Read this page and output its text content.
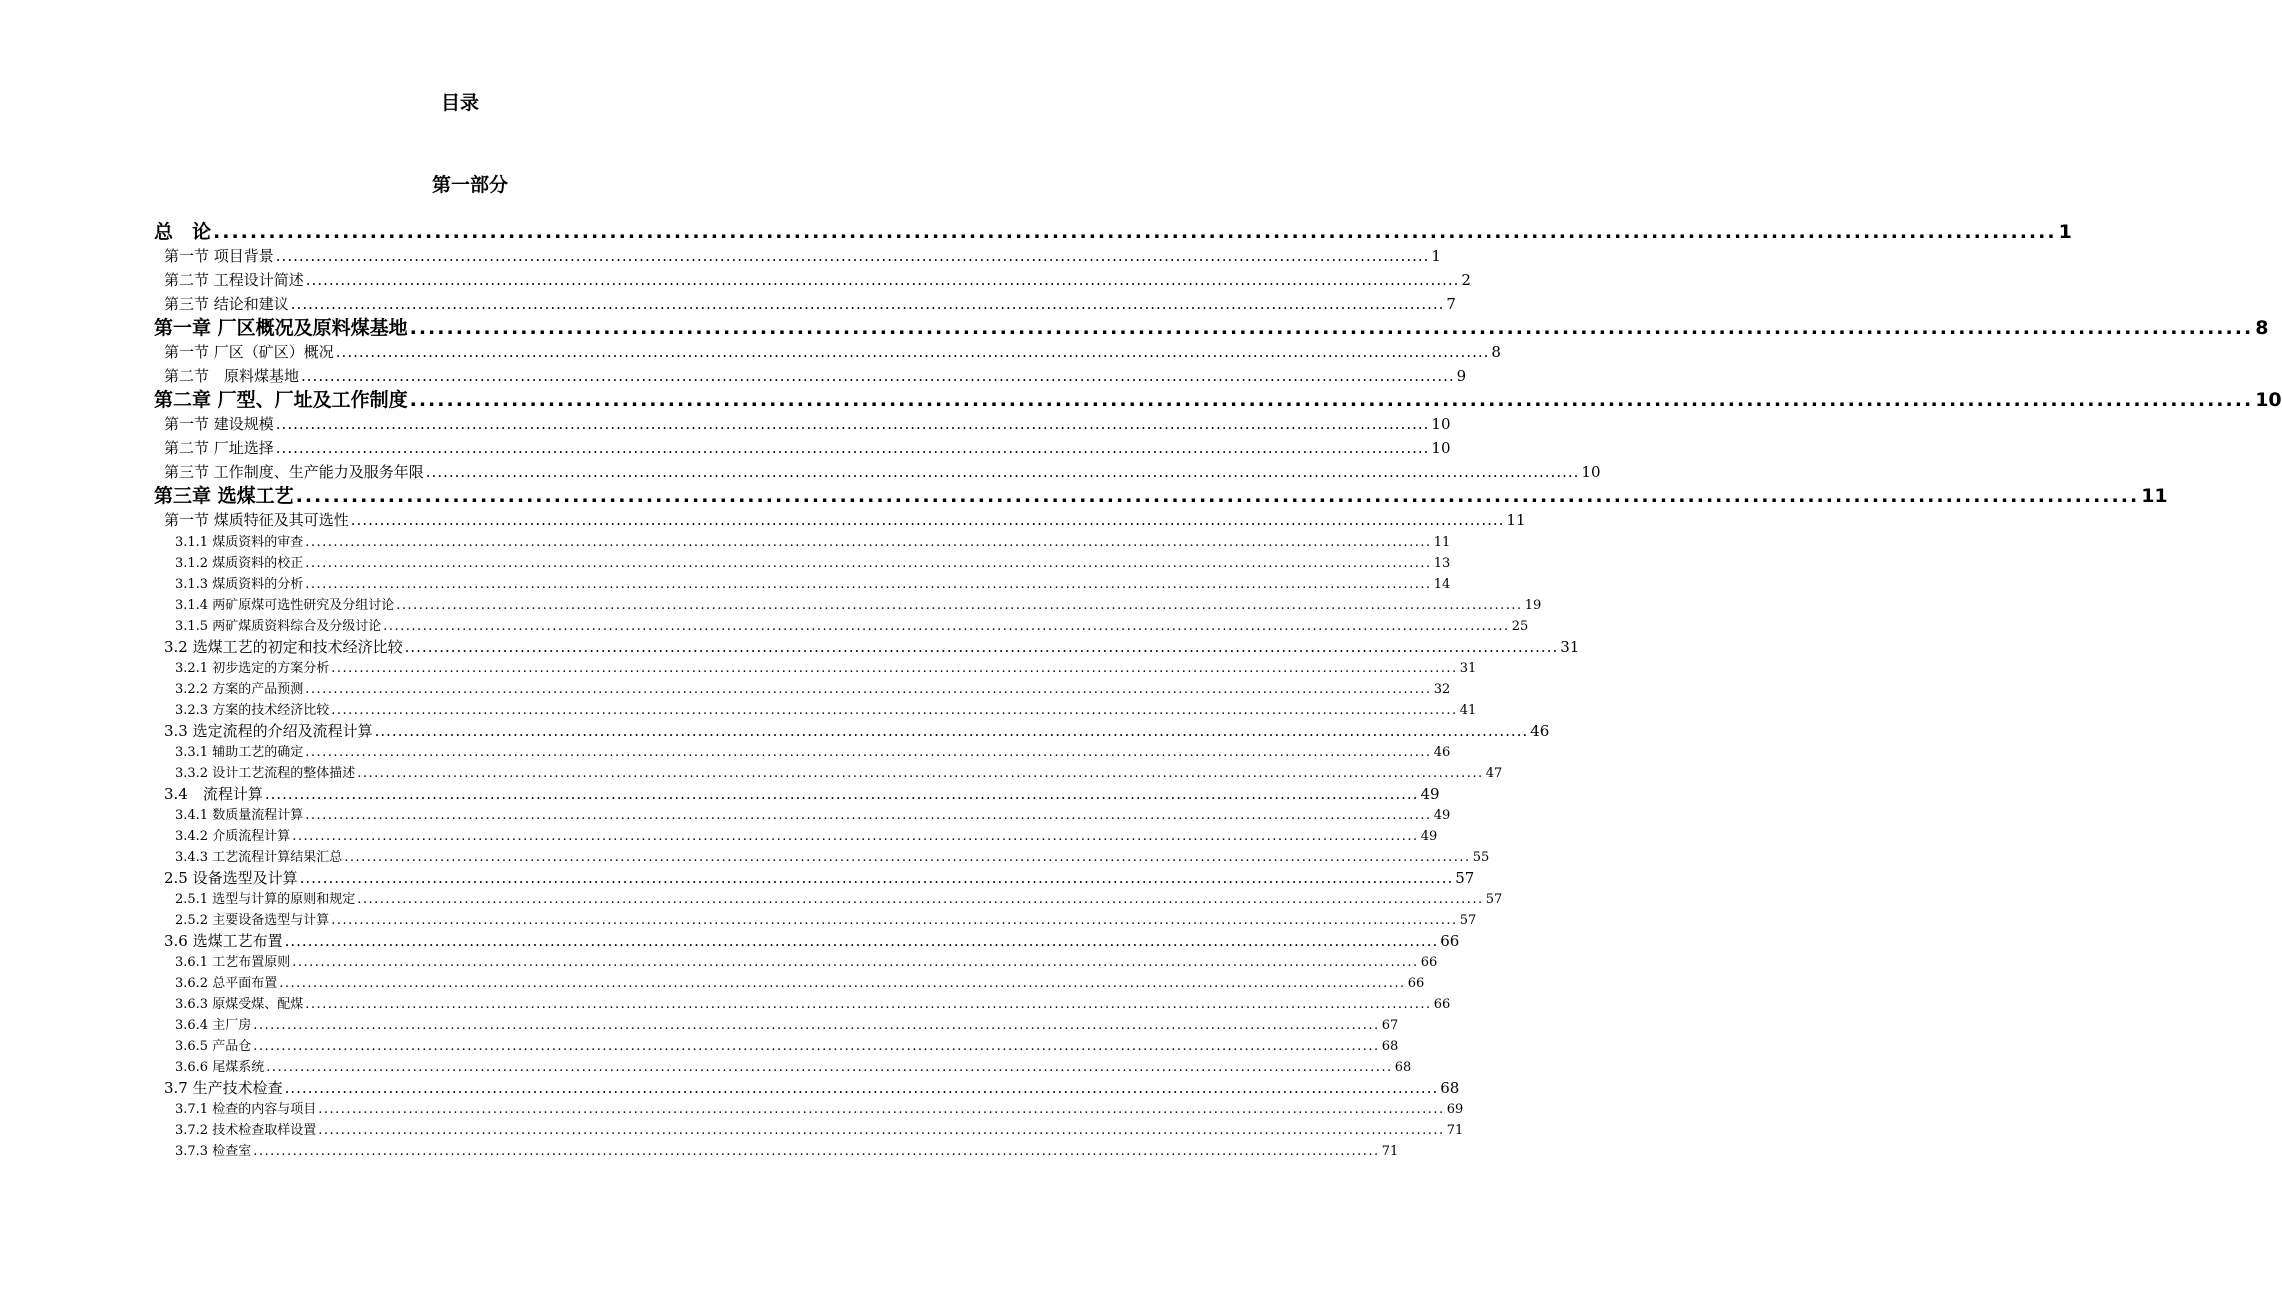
目录
第一部分
总　论 ........................................................................................................................................................................................................ 1
第一节 项目背景 ........................................................................................................................................................................................................ 1
第二节 工程设计简述 ........................................................................................................................................................................................................ 2
第三节 结论和建议 ........................................................................................................................................................................................................ 7
第一章 厂区概况及原料煤基地 ........................................................................................................................................................................................................ 8
第一节 厂区（矿区）概况 ........................................................................................................................................................................................................ 8
第二节　原料煤基地 ........................................................................................................................................................................................................ 9
第二章 厂型、厂址及工作制度 ........................................................................................................................................................................................................ 10
第一节 建设规模 ........................................................................................................................................................................................................ 10
第二节 厂址选择 ........................................................................................................................................................................................................ 10
第三节 工作制度、生产能力及服务年限 ........................................................................................................................................................................................................ 10
第三章 选煤工艺 ........................................................................................................................................................................................................ 11
第一节 煤质特征及其可选性 ........................................................................................................................................................................................................ 11
3.1.1 煤质资料的审查 ........................................................................................................................................................................................................ 11
3.1.2 煤质资料的校正 ........................................................................................................................................................................................................ 13
3.1.3 煤质资料的分析 ........................................................................................................................................................................................................ 14
3.1.4 两矿原煤可选性研究及分组讨论 ........................................................................................................................................................................................................ 19
3.1.5 两矿煤质资料综合及分级讨论 ........................................................................................................................................................................................................ 25
3.2 选煤工艺的初定和技术经济比较 ........................................................................................................................................................................................................ 31
3.2.1 初步选定的方案分析 ........................................................................................................................................................................................................ 31
3.2.2 方案的产品预测 ........................................................................................................................................................................................................ 32
3.2.3 方案的技术经济比较 ........................................................................................................................................................................................................ 41
3.3 选定流程的介绍及流程计算 ........................................................................................................................................................................................................ 46
3.3.1 辅助工艺的确定 ........................................................................................................................................................................................................ 46
3.3.2 设计工艺流程的整体描述 ........................................................................................................................................................................................................ 47
3.4　流程计算 ........................................................................................................................................................................................................ 49
3.4.1 数质量流程计算 ........................................................................................................................................................................................................ 49
3.4.2 介质流程计算 ........................................................................................................................................................................................................ 49
3.4.3 工艺流程计算结果汇总 ........................................................................................................................................................................................................ 55
2.5 设备选型及计算 ........................................................................................................................................................................................................ 57
2.5.1 选型与计算的原则和规定 ........................................................................................................................................................................................................ 57
2.5.2 主要设备选型与计算 ........................................................................................................................................................................................................ 57
3.6 选煤工艺布置 ........................................................................................................................................................................................................ 66
3.6.1 工艺布置原则 ........................................................................................................................................................................................................ 66
3.6.2 总平面布置 ........................................................................................................................................................................................................ 66
3.6.3 原煤受煤、配煤 ........................................................................................................................................................................................................ 66
3.6.4 主厂房 ........................................................................................................................................................................................................ 67
3.6.5 产品仓 ........................................................................................................................................................................................................ 68
3.6.6 尾煤系统 ........................................................................................................................................................................................................ 68
3.7 生产技术检查 ........................................................................................................................................................................................................ 68
3.7.1 检查的内容与项目 ........................................................................................................................................................................................................ 69
3.7.2 技术检查取样设置 ........................................................................................................................................................................................................ 71
3.7.3 检查室 ........................................................................................................................................................................................................ 71
